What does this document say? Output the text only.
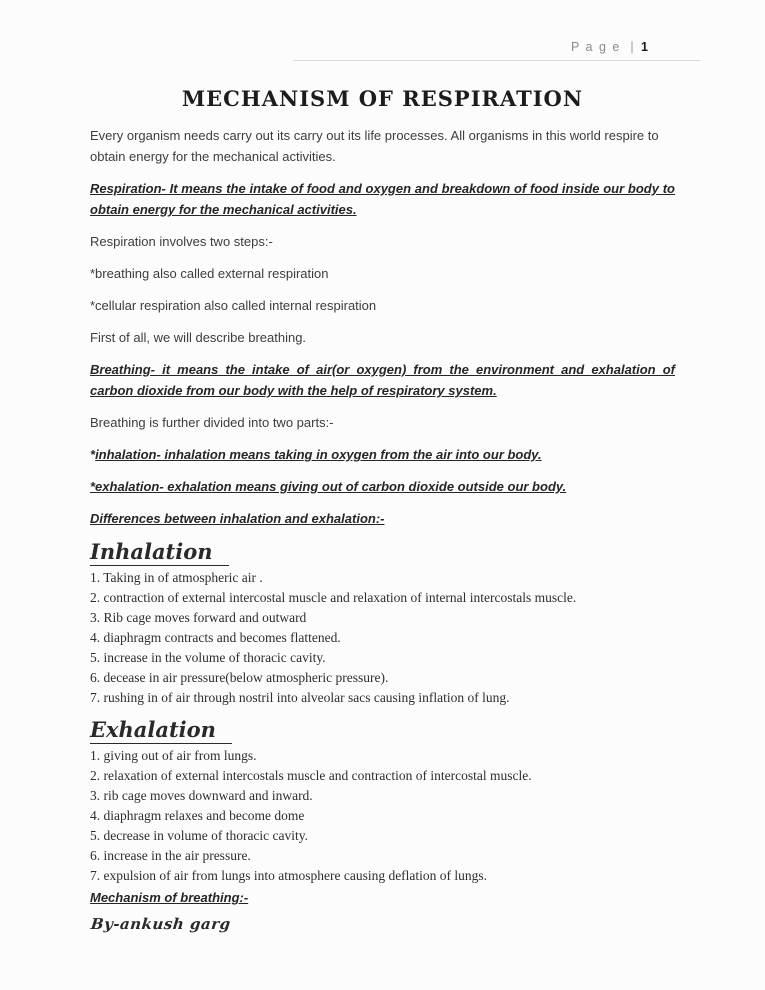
P a g e | 1
MECHANISM OF RESPIRATION

Every organism needs carry out its carry out its life processes. All organisms in this world respire to obtain energy for the mechanical activities.

Respiration- It means the intake of food and oxygen and breakdown of food inside our body to obtain energy for the mechanical activities.

Respiration involves two steps:-

*breathing also called external respiration

*cellular respiration also called internal respiration

First of all, we will describe breathing.

Breathing- it means the intake of air(or oxygen) from the environment and exhalation of carbon dioxide from our body with the help of respiratory system.

Breathing is further divided into two parts:-

*inhalation- inhalation means taking in oxygen from the air into our body.

*exhalation- exhalation means giving out of carbon dioxide outside our body.

Differences between inhalation and exhalation:-

Inhalation
1. Taking in of atmospheric air .
2. contraction of external intercostal muscle and relaxation of internal intercostals muscle.
3. Rib cage moves forward and outward
4. diaphragm contracts and becomes flattened.
5. increase in the volume of thoracic cavity.
6. decease in air pressure(below atmospheric pressure).
7. rushing in of air through nostril into alveolar sacs causing inflation of lung.
Exhalation
1. giving out of air from lungs.
2. relaxation of external intercostals muscle and contraction of intercostal muscle.
3. rib cage moves downward and inward.
4. diaphragm relaxes and become dome
5. decrease in volume of thoracic cavity.
6. increase in the air pressure.
7. expulsion of air from lungs into atmosphere causing deflation of lungs.

Mechanism of breathing:-

By-ankush garg
